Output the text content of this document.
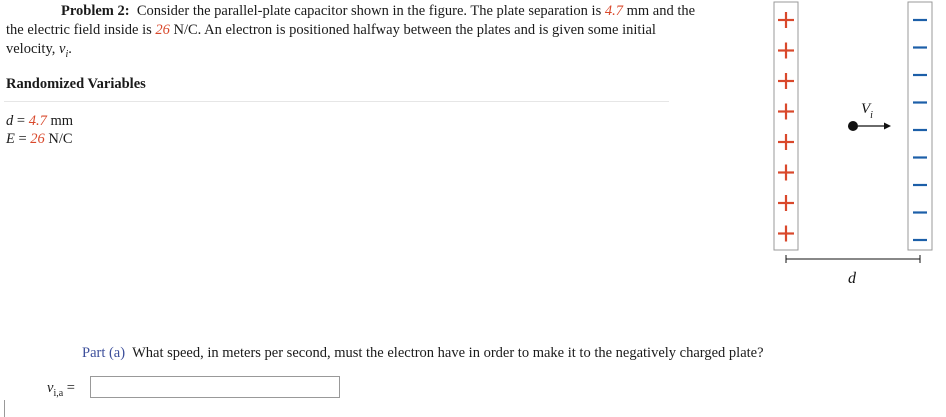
Problem 2: Consider the parallel-plate capacitor shown in the figure. The plate separation is 4.7 mm and the the electric field inside is 26 N/C. An electron is positioned halfway between the plates and is given some initial velocity, $v_i$.
Randomized Variables
d = 4.7 mm
E = 26 N/C
$V_i$
d
Part (a) What speed, in meters per second, must the electron have in order to make it to the negatively charged plate?
$v_{i,a}$ =
